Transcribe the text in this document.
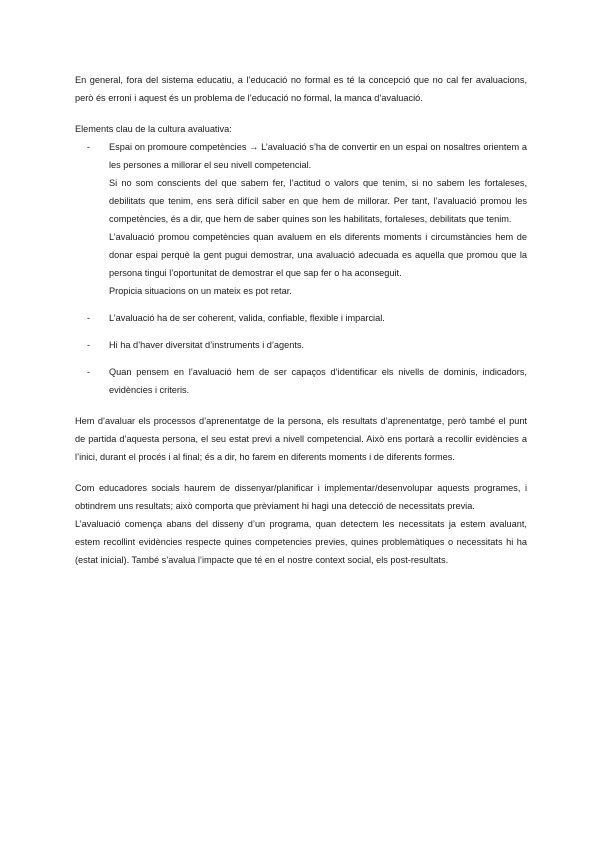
En general, fora del sistema educatiu, a l’educació no formal es té la concepció que no cal fer avaluacions, però és erroni i aquest és un problema de l’educació no formal, la manca d’avaluació.

Elements clau de la cultura avaluativa:

- Espai on promoure competències → L’avaluació s’ha de convertir en un espai on nosaltres orientem a les persones a millorar el seu nivell competencial.
Si no som conscients del que sabem fer, l’actitud o valors que tenim, si no sabem les fortaleses, debilitats que tenim, ens serà difícil saber en que hem de millorar. Per tant, l’avaluació promou les competències, és a dir, que hem de saber quines son les habilitats, fortaleses, debilitats que tenim.
L’avaluació promou competències quan avaluem en els diferents moments i circumstàncies hem de donar espai perquè la gent pugui demostrar, una avaluació adecuada es aquella que promou que la persona tingui l’oportunitat de demostrar el que sap fer o ha aconseguit.
Propicia situacions on un mateix es pot retar.
- L’avaluació ha de ser coherent, valida, confiable, flexible i imparcial.
- Hi ha d’haver diversitat d’instruments i d’agents.
- Quan pensem en l’avaluació hem de ser capaços d’identificar els nivells de dominis, indicadors, evidències i criteris.

Hem d’avaluar els processos d’aprenentatge de la persona, els resultats d’aprenentatge, però també el punt de partida d’aquesta persona, el seu estat previ a nivell competencial. Això ens portarà a recollir evidències a l’inici, durant el procés i al final; és a dir, ho farem en diferents moments i de diferents formes.

Com educadores socials haurem de dissenyar/planificar i implementar/desenvolupar aquests programes, i obtindrem uns resultats; això comporta que prèviament hi hagi una detecció de necessitats previa.

L’avaluació comença abans del disseny d’un programa, quan detectem les necessitats ja estem avaluant, estem recollint evidències respecte quines competencies previes, quines problemàtiques o necessitats hi ha (estat inicial). També s’avalua l’impacte que té en el nostre context social, els post-resultats.
